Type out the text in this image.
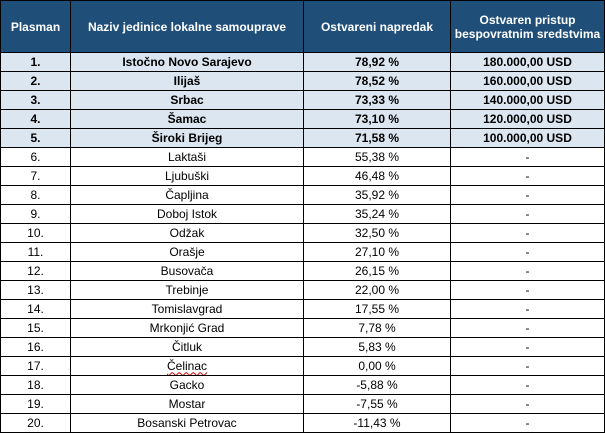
Plasman	Naziv jedinice lokalne samouprave	Ostvareni napredak	Ostvaren pristup bespovratnim sredstvima
1.	Istočno Novo Sarajevo	78,92 %	180.000,00 USD
2.	Ilijaš	78,52 %	160.000,00 USD
3.	Srbac	73,33 %	140.000,00 USD
4.	Šamac	73,10 %	120.000,00 USD
5.	Široki Brijeg	71,58 %	100.000,00 USD
6.	Laktaši	55,38 %	-
7.	Ljubuški	46,48 %	-
8.	Čapljina	35,92 %	-
9.	Doboj Istok	35,24 %	-
10.	Odžak	32,50 %	-
11.	Orašje	27,10 %	-
12.	Busovača	26,15 %	-
13.	Trebinje	22,00 %	-
14.	Tomislavgrad	17,55 %	-
15.	Mrkonjić Grad	7,78 %	-
16.	Čitluk	5,83 %	-
17.	Čelinac	0,00 %	-
18.	Gacko	-5,88 %	-
19.	Mostar	-7,55 %	-
20.	Bosanski Petrovac	-11,43 %	-
